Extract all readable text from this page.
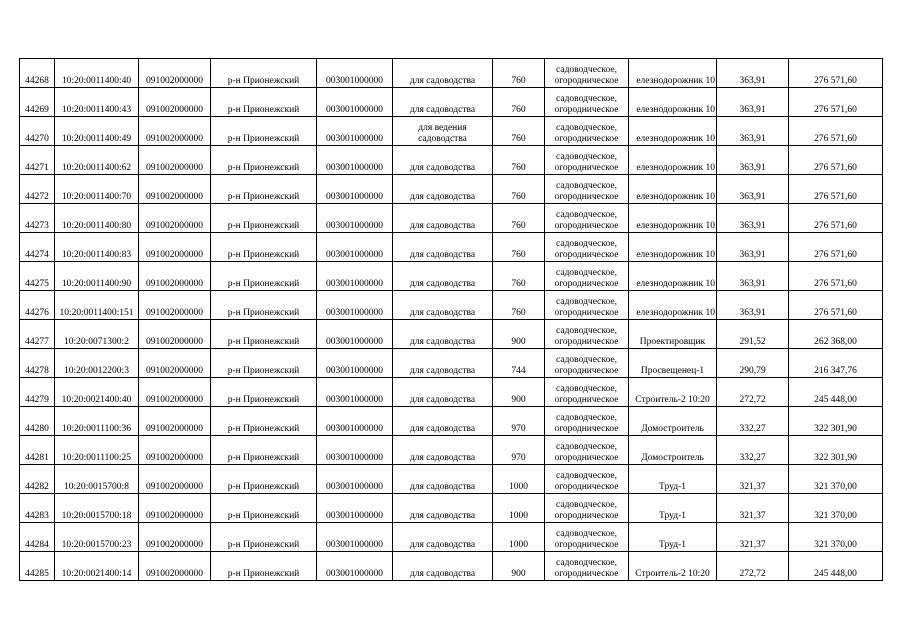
44268	10:20:0011400:40	091002000000	р-н Прионежский	003001000000	для садоводства	760	садоводческое,
огородническое	елезнодорожник 10	363,91	276 571,60
44269	10:20:0011400:43	091002000000	р-н Прионежский	003001000000	для садоводства	760	садоводческое,
огородническое	елезнодорожник 10	363,91	276 571,60
44270	10:20:0011400:49	091002000000	р-н Прионежский	003001000000	для ведения
садоводства	760	садоводческое,
огородническое	елезнодорожник 10	363,91	276 571,60
44271	10:20:0011400:62	091002000000	р-н Прионежский	003001000000	для садоводства	760	садоводческое,
огородническое	елезнодорожник 10	363,91	276 571,60
44272	10:20:0011400:70	091002000000	р-н Прионежский	003001000000	для садоводства	760	садоводческое,
огородническое	елезнодорожник 10	363,91	276 571,60
44273	10:20:0011400:80	091002000000	р-н Прионежский	003001000000	для садоводства	760	садоводческое,
огородническое	елезнодорожник 10	363,91	276 571,60
44274	10:20:0011400:83	091002000000	р-н Прионежский	003001000000	для садоводства	760	садоводческое,
огородническое	елезнодорожник 10	363,91	276 571,60
44275	10:20:0011400:90	091002000000	р-н Прионежский	003001000000	для садоводства	760	садоводческое,
огородническое	елезнодорожник 10	363,91	276 571,60
44276	10:20:0011400:151	091002000000	р-н Прионежский	003001000000	для садоводства	760	садоводческое,
огородническое	елезнодорожник 10	363,91	276 571,60
44277	10:20:0071300:2	091002000000	р-н Прионежский	003001000000	для садоводства	900	садоводческое,
огородническое	Проектировщик	291,52	262 368,00
44278	10:20:0012200:3	091002000000	р-н Прионежский	003001000000	для садоводства	744	садоводческое,
огородническое	Просвещенец-1	290,79	216 347,76
44279	10:20:0021400:40	091002000000	р-н Прионежский	003001000000	для садоводства	900	садоводческое,
огородническое	Строитель-2 10:20	272,72	245 448,00
44280	10:20:0011100:36	091002000000	р-н Прионежский	003001000000	для садоводства	970	садоводческое,
огородническое	Домостроитель	332,27	322 301,90
44281	10:20:0011100:25	091002000000	р-н Прионежский	003001000000	для садоводства	970	садоводческое,
огородническое	Домостроитель	332,27	322 301,90
44282	10:20:0015700:8	091002000000	р-н Прионежский	003001000000	для садоводства	1000	садоводческое,
огородническое	Труд-1	321,37	321 370,00
44283	10:20:0015700:18	091002000000	р-н Прионежский	003001000000	для садоводства	1000	садоводческое,
огородническое	Труд-1	321,37	321 370,00
44284	10:20:0015700:23	091002000000	р-н Прионежский	003001000000	для садоводства	1000	садоводческое,
огородническое	Труд-1	321,37	321 370,00
44285	10:20:0021400:14	091002000000	р-н Прионежский	003001000000	для садоводства	900	садоводческое,
огородническое	Строитель-2 10:20	272,72	245 448,00
